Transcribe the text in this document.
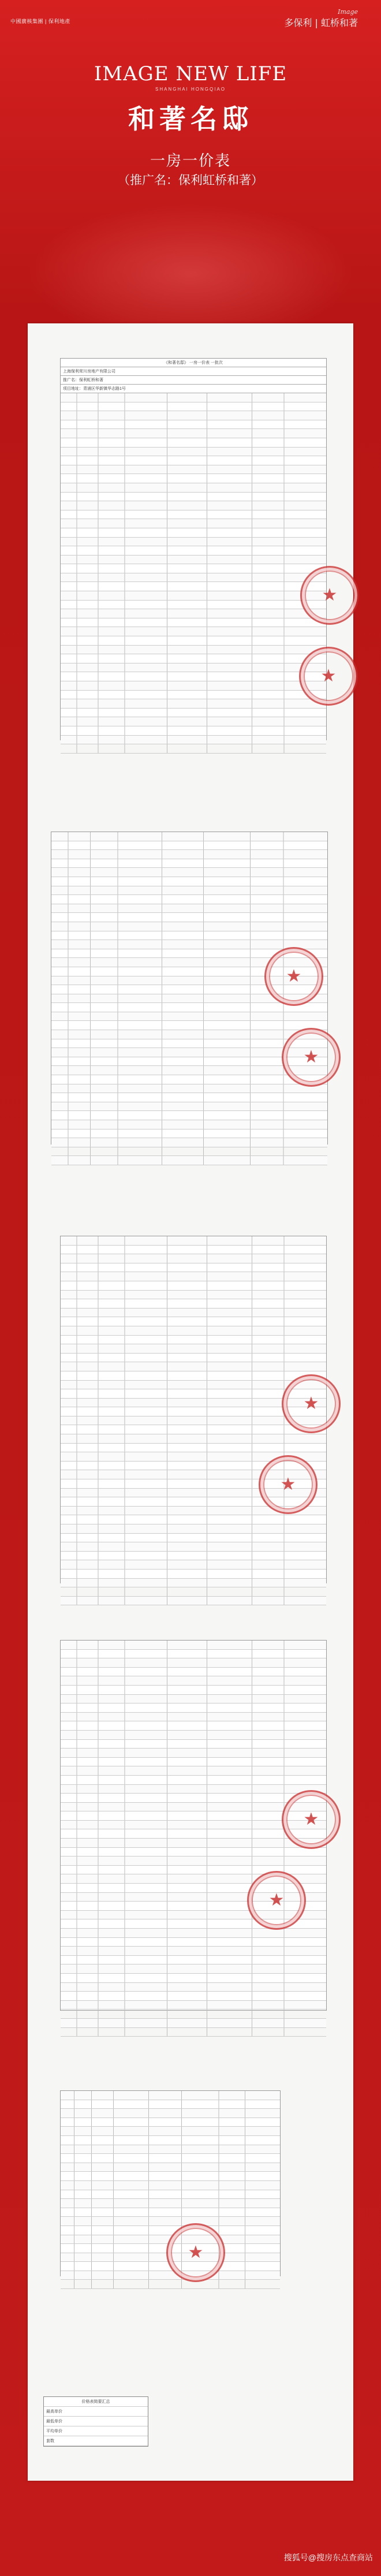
中國廣核集團 | 保利地產
Image
多保利 | 虹桥和著
IMAGE NEW LIFE
SHANGHAI HONGQIAO
和著名邸
一房一价表
（推广名：保利虹桥和著）
《和著名邸》 一房一价表 一批次
上海保利茸川房地产有限公司
推广名：保利虹桥和著
项目地址：青浦区华新镇华志路1号
★
★
★
★
★
★
★
★
★
价格表简要汇总
最高单价
最低单价
平均单价
套数
搜狐号@搜房东点查商站
